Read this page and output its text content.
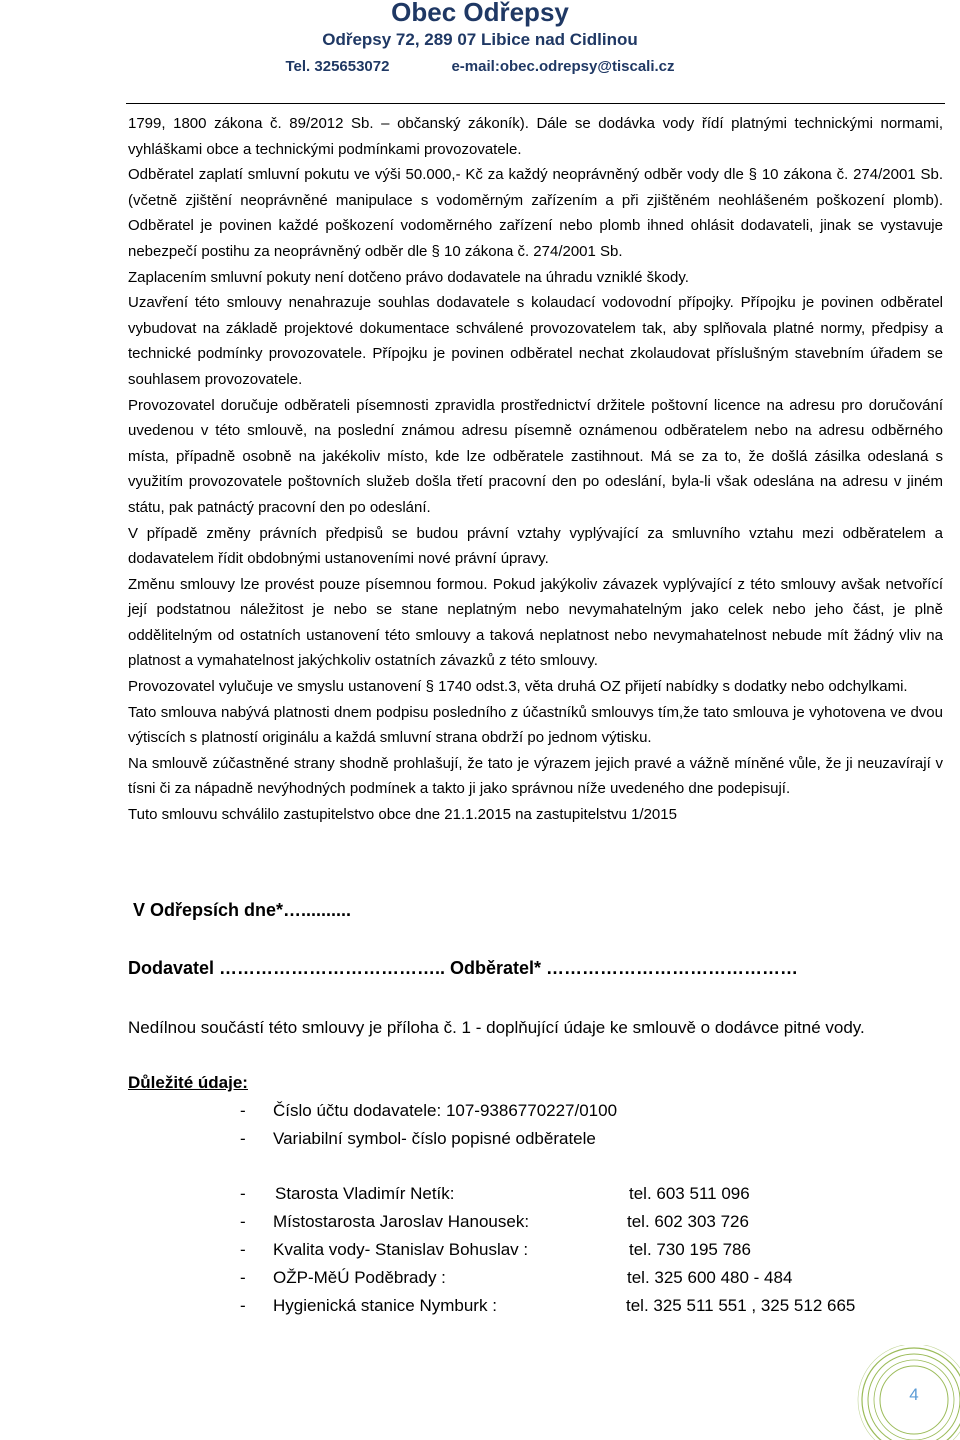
Obec Odřepsy
Odřepsy 72, 289 07 Libice nad Cidlinou
Tel. 325653072	e-mail:obec.odrepsy@tiscali.cz

1799, 1800 zákona č. 89/2012 Sb. – občanský zákoník). Dále se dodávka vody řídí platnými technickými normami, vyhláškami obce a technickými podmínkami provozovatele.

Odběratel zaplatí smluvní pokutu ve výši 50.000,- Kč za každý neoprávněný odběr vody dle § 10 zákona č. 274/2001 Sb. (včetně zjištění neoprávněné manipulace s vodoměrným zařízením a při zjištěném neohlášeném poškození plomb). Odběratel je povinen každé poškození vodoměrného zařízení nebo plomb ihned ohlásit dodavateli, jinak se vystavuje nebezpečí postihu za neoprávněný odběr dle § 10 zákona č. 274/2001 Sb.

Zaplacením smluvní pokuty není dotčeno právo dodavatele na úhradu vzniklé škody.

Uzavření této smlouvy nenahrazuje souhlas dodavatele s kolaudací vodovodní přípojky. Přípojku je povinen odběratel vybudovat na základě projektové dokumentace schválené provozovatelem tak, aby splňovala platné normy, předpisy a technické podmínky provozovatele. Přípojku je povinen odběratel nechat zkolaudovat příslušným stavebním úřadem se souhlasem provozovatele.

Provozovatel doručuje odběrateli písemnosti zpravidla prostřednictví držitele poštovní licence na adresu pro doručování uvedenou v této smlouvě, na poslední známou adresu písemně oznámenou odběratelem nebo na adresu odběrného místa, případně osobně na jakékoliv místo, kde lze odběratele zastihnout. Má se za to, že došlá zásilka odeslaná s využitím provozovatele poštovních služeb došla třetí pracovní den po odeslání, byla-li však odeslána na adresu v jiném státu, pak patnáctý pracovní den po odeslání.

V případě změny právních předpisů se budou právní vztahy vyplývající za smluvního vztahu mezi odběratelem a dodavatelem řídit obdobnými ustanoveními nové právní úpravy.

Změnu smlouvy lze provést pouze písemnou formou. Pokud jakýkoliv závazek vyplývající z této smlouvy avšak netvořící její podstatnou náležitost je nebo se stane neplatným nebo nevymahatelným jako celek nebo jeho část, je plně oddělitelným od ostatních ustanovení této smlouvy a taková neplatnost nebo nevymahatelnost nebude mít žádný vliv na platnost a vymahatelnost jakýchkoliv ostatních závazků z této smlouvy.

Provozovatel vylučuje ve smyslu ustanovení § 1740 odst.3, věta druhá OZ přijetí nabídky s dodatky nebo odchylkami.

Tato smlouva nabývá platnosti dnem podpisu posledního z účastníků smlouvys tím,že tato smlouva je vyhotovena ve dvou výtiscích s platností originálu a každá smluvní strana obdrží po jednom výtisku.

Na smlouvě zúčastněné strany shodně prohlašují, že tato je výrazem jejich pravé a vážně míněné vůle, že ji neuzavírají v tísni či za nápadně nevýhodných podmínek a takto ji jako správnou níže uvedeného dne podepisují.

Tuto smlouvu schválilo zastupitelstvo obce dne 21.1.2015 na zastupitelstvu 1/2015

V Odřepsích dne*…..........
Dodavatel ……………………………….. Odběratel* ……………………………………
Nedílnou součástí této smlouvy je příloha č. 1 - doplňující údaje ke smlouvě o dodávce pitné vody.
Důležité údaje:
- Číslo účtu dodavatele: 107-9386770227/0100
- Variabilní symbol- číslo popisné odběratele
- Starosta Vladimír Netík:	tel. 603 511 096
- Místostarosta Jaroslav Hanousek:	tel. 602 303 726
- Kvalita vody- Stanislav Bohuslav :	tel. 730 195 786
- OŽP-MěÚ Poděbrady :	tel. 325 600 480 - 484
- Hygienická stanice Nymburk :	tel. 325 511 551 , 325 512 665
4
